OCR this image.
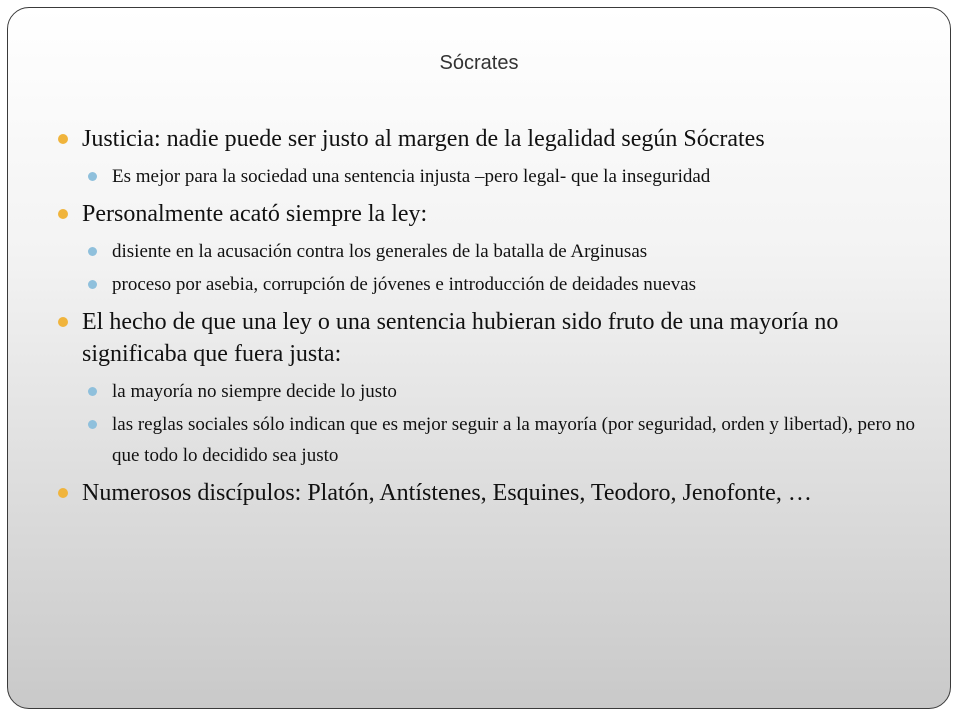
Sócrates
Justicia: nadie puede ser justo al margen de la legalidad según Sócrates
Es mejor para la sociedad una sentencia injusta –pero legal- que la inseguridad
Personalmente acató siempre la ley:
disiente en la acusación contra los generales de la batalla de Arginusas
proceso por asebia, corrupción de jóvenes e introducción de deidades nuevas
El hecho de que una ley o una sentencia hubieran sido fruto de una mayoría no significaba que fuera justa:
la mayoría no siempre decide lo justo
las reglas sociales sólo indican que es mejor seguir a la mayoría (por seguridad, orden y libertad), pero no que todo lo decidido sea justo
Numerosos discípulos: Platón, Antístenes, Esquines, Teodoro, Jenofonte, …
